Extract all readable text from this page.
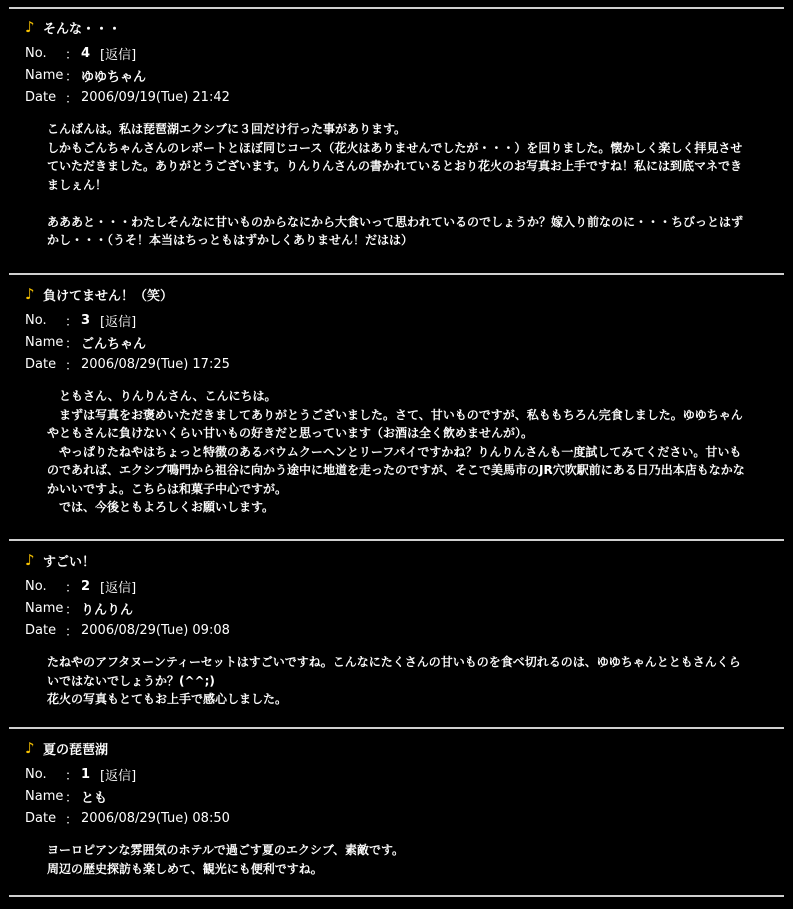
♪ そんな・・・
No.	： 4 [返信]
Name ： ゆゆちゃん
Date ： 2006/09/19(Tue) 21:42
こんばんは。私は琵琶湖エクシブに３回だけ行った事があります。
しかもごんちゃんさんのレポートとほぼ同じコース（花火はありませんでしたが・・・）を回りました。懐かしく楽しく拝見させていただきました。ありがとうございます。りんりんさんの書かれているとおり花火のお写真お上手ですね！私には到底マネできましぇん！

あああと・・・わたしそんなに甘いものからなにから大食いって思われているのでしょうか？嫁入り前なのに・・・ちびっとはずかし・・・（うそ！本当はちっともはずかしくありません！だはは）
♪ 負けてません！（笑）
No.	： 3 [返信]
Name ： ごんちゃん
Date ： 2006/08/29(Tue) 17:25
　ともさん、りんりんさん、こんにちは。
　まずは写真をお褒めいただきましてありがとうございました。さて、甘いものですが、私ももちろん完食しました。ゆゆちゃんやともさんに負けないくらい甘いもの好きだと思っています（お酒は全く飲めませんが）。
　やっぱりたねやはちょっと特徴のあるバウムクーヘンとリーフパイですかね？りんりんさんも一度試してみてください。甘いものであれば、エクシブ鳴門から祖谷に向かう途中に地道を走ったのですが、そこで美馬市のJR穴吹駅前にある日乃出本店もなかなかいいですよ。こちらは和菓子中心ですが。
　では、今後ともよろしくお願いします。
♪ すごい！
No.	： 2 [返信]
Name ： りんりん
Date ： 2006/08/29(Tue) 09:08
たねやのアフタヌーンティーセットはすごいですね。こんなにたくさんの甘いものを食べ切れるのは、ゆゆちゃんとともさんくらいではないでしょうか？(^^;)
花火の写真もとてもお上手で感心しました。
♪ 夏の琵琶湖
No.	： 1 [返信]
Name ： とも
Date ： 2006/08/29(Tue) 08:50
ヨーロピアンな雰囲気のホテルで過ごす夏のエクシブ、素敵です。
周辺の歴史探訪も楽しめて、観光にも便利ですね。
